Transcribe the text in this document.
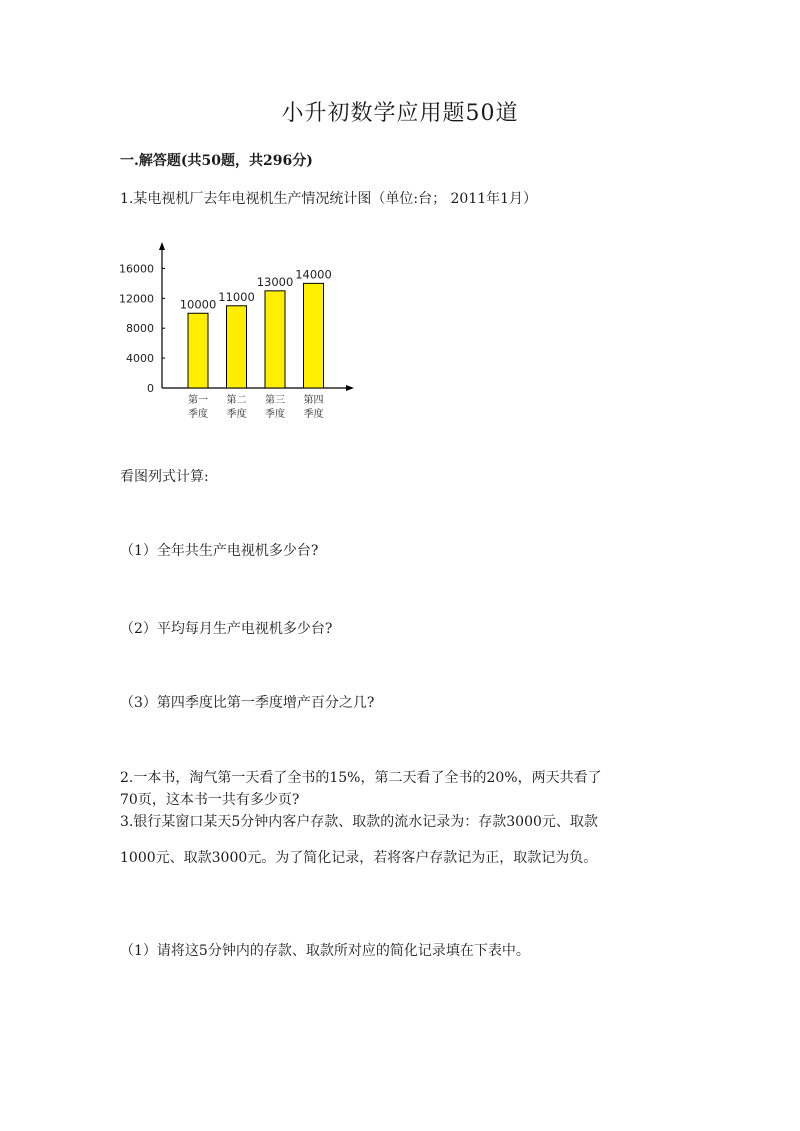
小升初数学应用题50道
一.解答题(共50题，共296分)
1.某电视机厂去年电视机生产情况统计图（单位:台； 2011年1月）
0
4000
8000
12000
16000
10000
第一
季度
11000
第二
季度
13000
第三
季度
14000
第四
季度
看图列式计算:
（1）全年共生产电视机多少台?
（2）平均每月生产电视机多少台?
（3）第四季度比第一季度增产百分之几?
2.一本书，淘气第一天看了全书的15%，第二天看了全书的20%，两天共看了
70页，这本书一共有多少页?
3.银行某窗口某天5分钟内客户存款、取款的流水记录为：存款3000元、取款
1000元、取款3000元。为了简化记录，若将客户存款记为正，取款记为负。
（1）请将这5分钟内的存款、取款所对应的简化记录填在下表中。
